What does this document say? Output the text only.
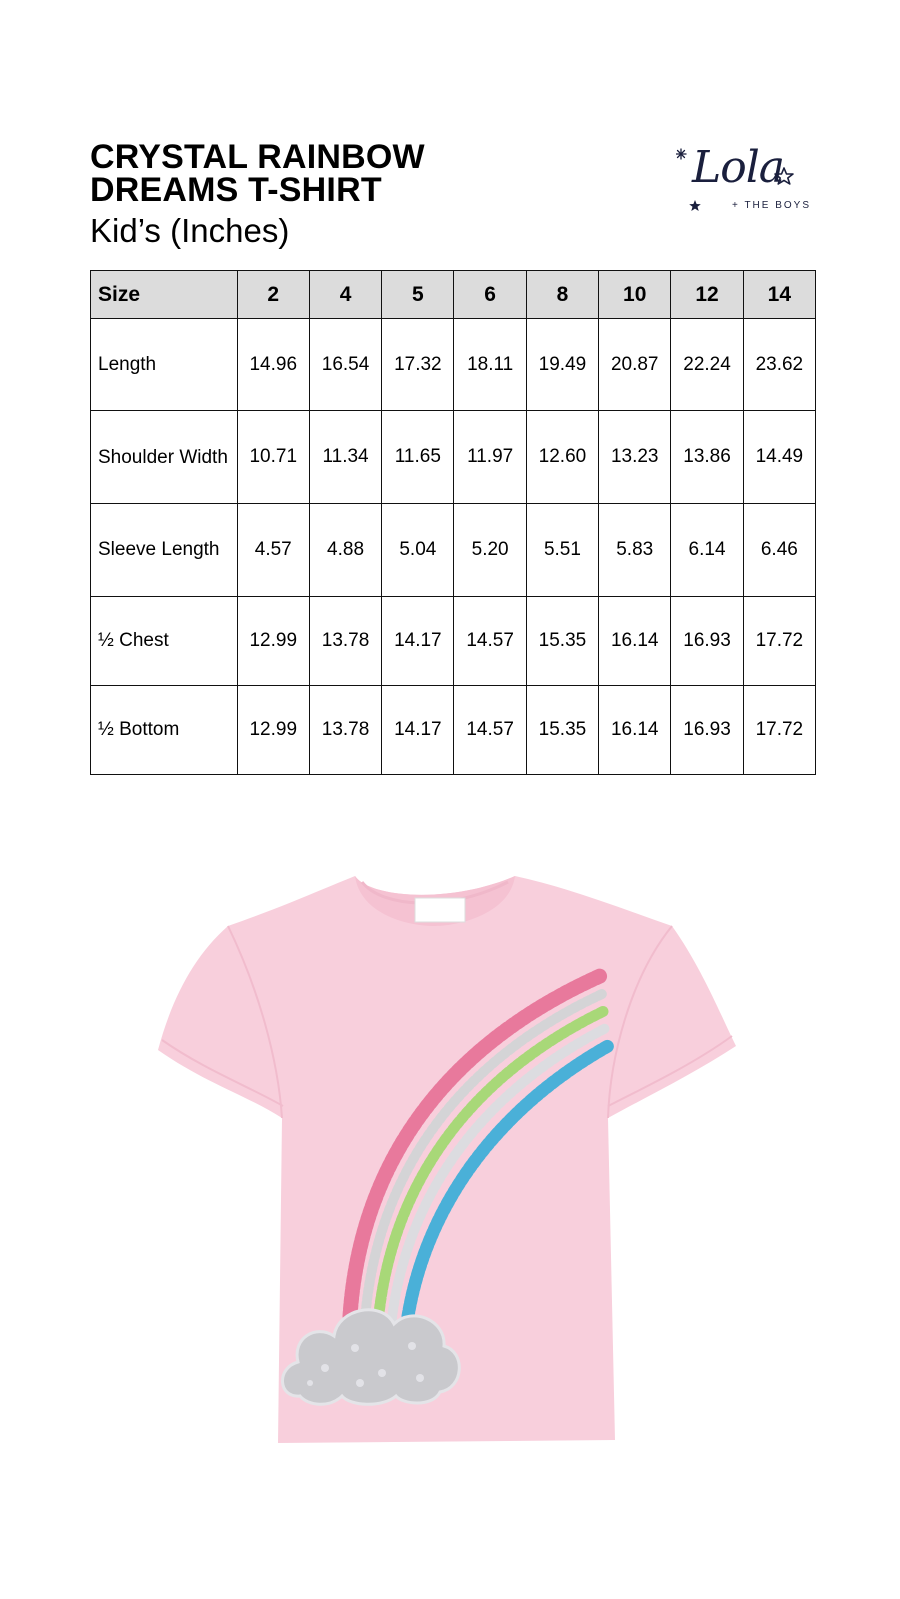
CRYSTAL RAINBOW
DREAMS T-SHIRT
Kid’s (Inches)
Lola
+ THE BOYS
Size	2	4	5	6	8	10	12	14
Length	14.96	16.54	17.32	18.11	19.49	20.87	22.24	23.62
Shoulder Width	10.71	11.34	11.65	11.97	12.60	13.23	13.86	14.49
Sleeve Length	4.57	4.88	5.04	5.20	5.51	5.83	6.14	6.46
½ Chest	12.99	13.78	14.17	14.57	15.35	16.14	16.93	17.72
½ Bottom	12.99	13.78	14.17	14.57	15.35	16.14	16.93	17.72
